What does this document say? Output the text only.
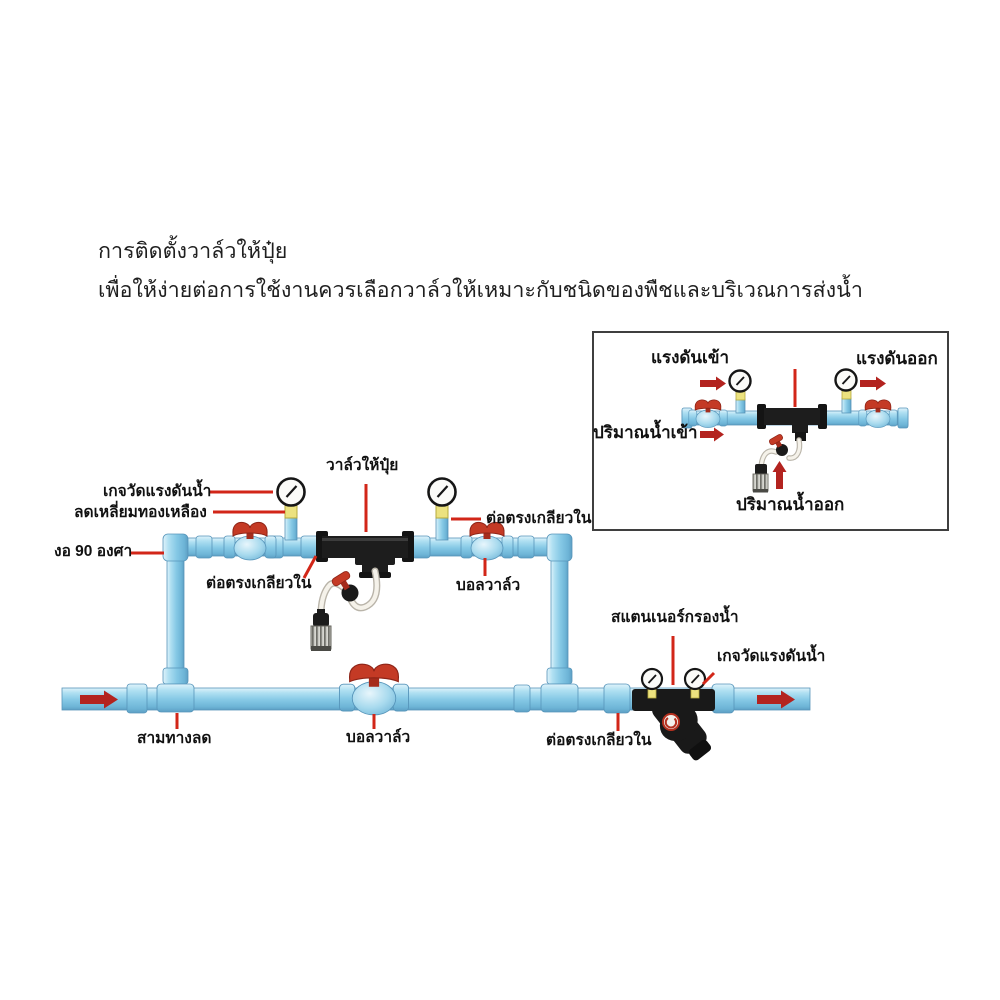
การติดตั้งวาล์วให้ปุ๋ย
เพื่อให้ง่ายต่อการใช้งานควรเลือกวาล์วให้เหมาะกับชนิดของพืชและบริเวณการส่งน้ำ
เกจวัดแรงดันน้ำ
ลดเหลี่ยมทองเหลือง
งอ 90 องศา
ต่อตรงเกลียวใน
วาล์วให้ปุ๋ย
ต่อตรงเกลียวใน
บอลวาล์ว
สามทางลด	บอลวาล์ว	ต่อตรงเกลียวใน
สแตนเนอร์กรองน้ำ
เกจวัดแรงดันน้ำ
แรงดันเข้า	แรงดันออก
ปริมาณน้ำเข้า
ปริมาณน้ำออก
